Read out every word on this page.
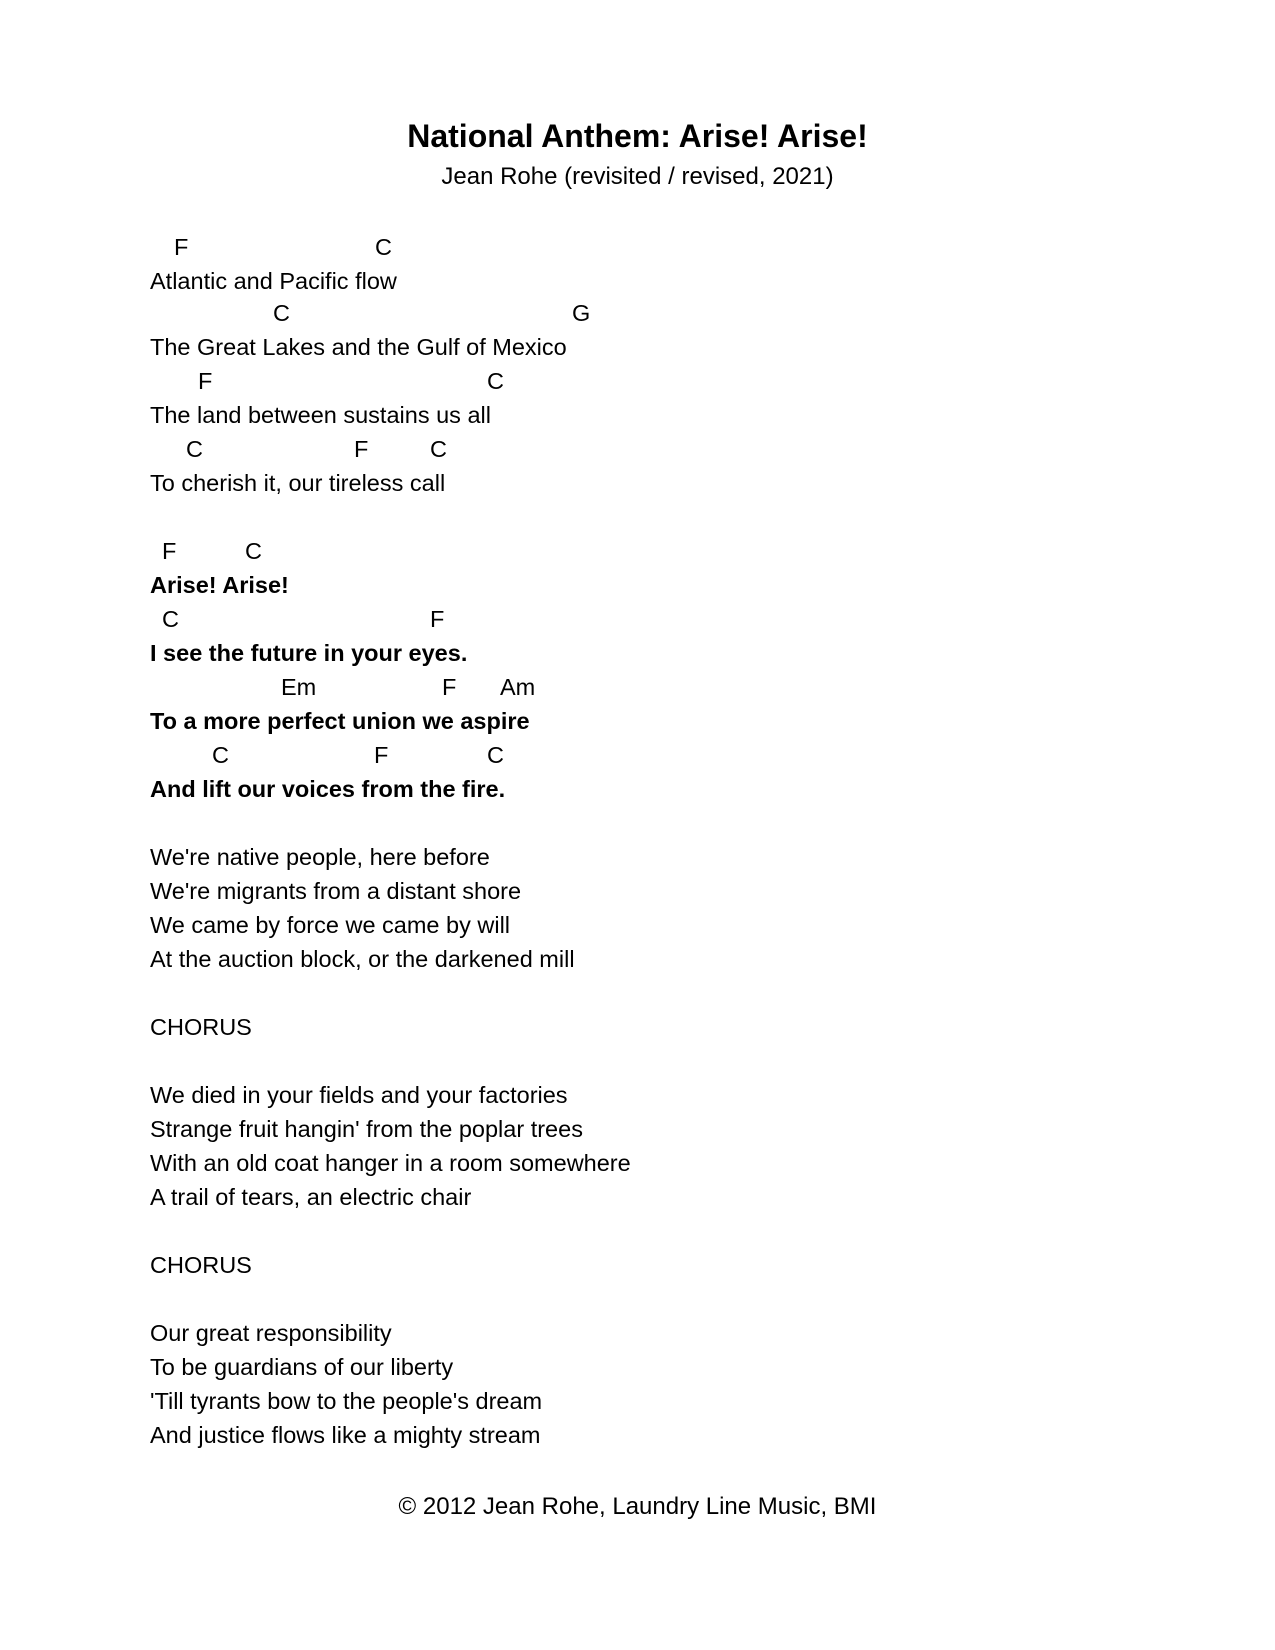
National Anthem: Arise! Arise!
Jean Rohe (revisited / revised, 2021)
F	C
Atlantic and Pacific flow
C	G
The Great Lakes and the Gulf of Mexico
F	C
The land between sustains us all
C	F	C
To cherish it, our tireless call
F	C
Arise! Arise!
C	F
I see the future in your eyes.
Em	F Am
To a more perfect union we aspire
C	F	C
And lift our voices from the fire.
We're native people, here before
We're migrants from a distant shore
We came by force we came by will
At the auction block, or the darkened mill
CHORUS
We died in your fields and your factories
Strange fruit hangin' from the poplar trees
With an old coat hanger in a room somewhere
A trail of tears, an electric chair
CHORUS
Our great responsibility
To be guardians of our liberty
'Till tyrants bow to the people's dream
And justice flows like a mighty stream
© 2012 Jean Rohe, Laundry Line Music, BMI
